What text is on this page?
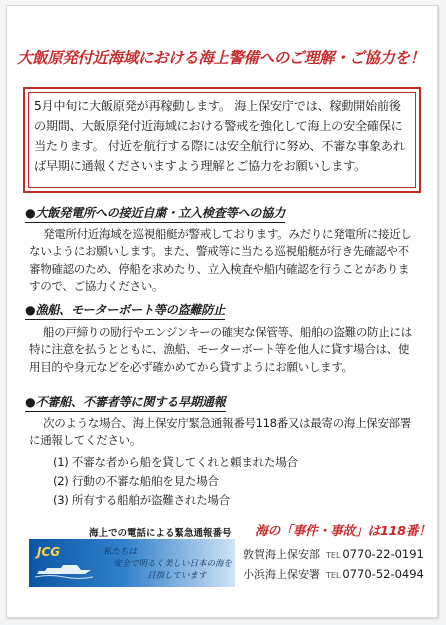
大飯原発付近海域における海上警備へのご理解・ご協力を！
5月中旬に大飯原発が再稼動します。 海上保安庁では、稼動開始前後の期間、大飯原発付近海域における警戒を強化して海上の安全確保に当たります。 付近を航行する際には安全航行に努め、不審な事象あれば早期に通報くださいますよう理解とご協力をお願いします。
●大飯発電所への接近自粛・立入検査等への協力
発電所付近海域を巡視船艇が警戒しております。みだりに発電所に接近しないようにお願いします。また、警戒等に当たる巡視船艇が行き先確認や不審物確認のため、停船を求めたり、立入検査や船内確認を行うことがありますので、ご協力ください。
●漁船、モーターボート等の盗難防止
船の戸締りの励行やエンジンキーの確実な保管等、船舶の盗難の防止には特に注意を払うとともに、漁船、モーターボート等を他人に貸す場合は、使用目的や身元などを必ず確かめてから貸すようにお願いします。
●不審船、不審者等に関する早期通報
次のような場合、海上保安庁緊急通報番号118番又は最寄の海上保安部署に通報してください。
(1) 不審な者から船を貸してくれと頼まれた場合
(2) 行動の不審な船舶を見た場合
(3) 所有する船舶が盗難された場合
海上での電話による緊急通報番号 海の「事件・事故」は118番！
JCG	私たちは
安全で明るく美しい日本の海を
目指しています
敦賀海上保安部 TEL 0770-22-0191
小浜海上保安署 TEL 0770-52-0494
